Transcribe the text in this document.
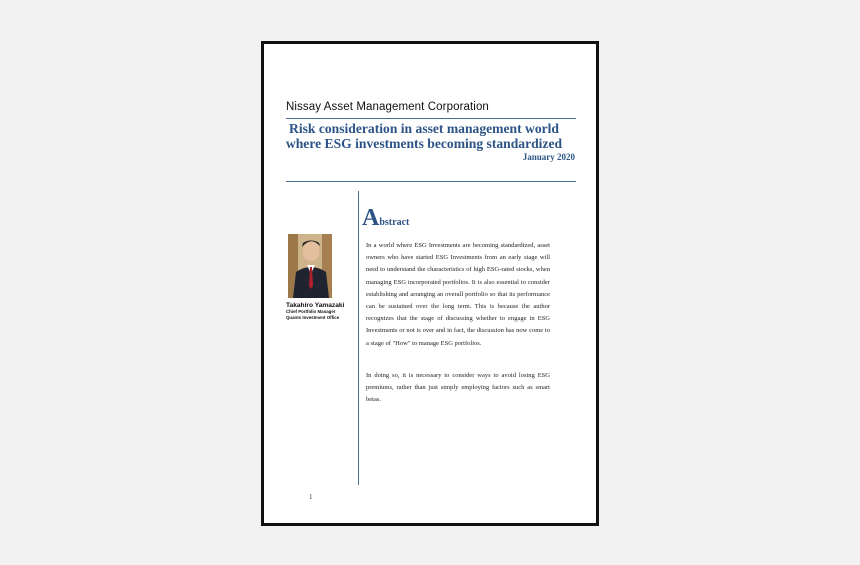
Nissay Asset Management Corporation
Risk consideration in asset management world
where ESG investments becoming standardized
January 2020
Takahiro Yamazaki
Chief Portfolio Manager
Quants Investment Office
Abstract
In a world where ESG Investments are becoming standardized, asset owners who have started ESG Investments from an early stage will need to understand the characteristics of high ESG-rated stocks, when managing ESG incorporated portfolios. It is also essential to consider establishing and arranging an overall portfolio so that its performance can be sustained over the long term. This is because the author recognizes that the stage of discussing whether to engage in ESG Investments or not is over and in fact, the discussion has now come to a stage of "How" to manage ESG portfolios.
In doing so, it is necessary to consider ways to avoid losing ESG premiums, rather than just simply employing factors such as smart betas.
1
